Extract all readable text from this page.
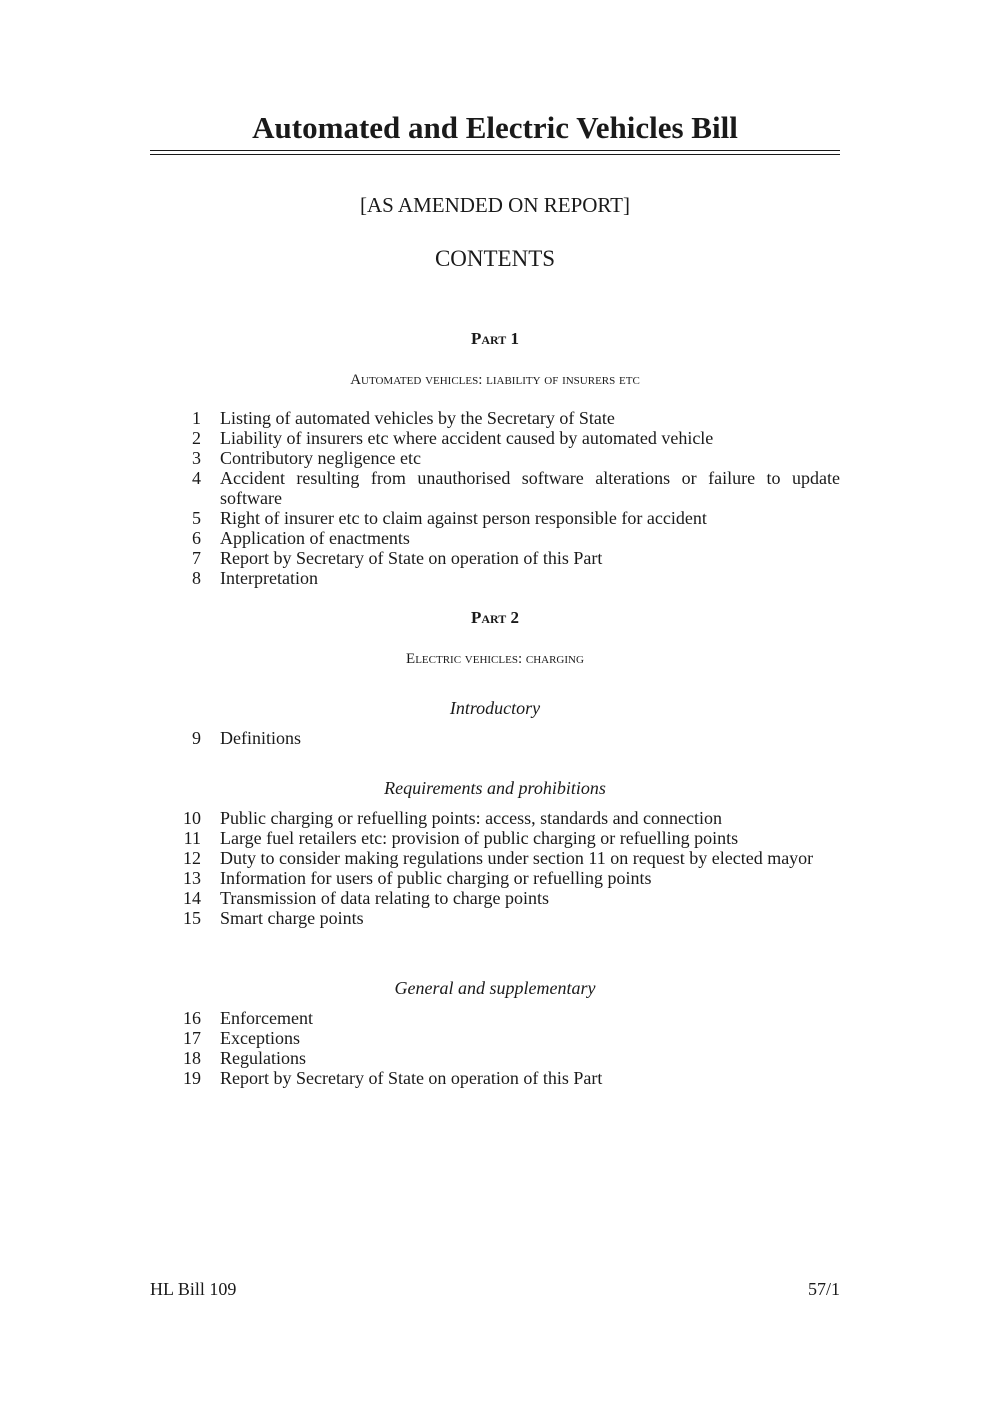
Automated and Electric Vehicles Bill
[AS AMENDED ON REPORT]
CONTENTS
Part 1
Automated vehicles: liability of insurers etc
1 Listing of automated vehicles by the Secretary of State
2 Liability of insurers etc where accident caused by automated vehicle
3 Contributory negligence etc
4 Accident resulting from unauthorised software alterations or failure to update software
5 Right of insurer etc to claim against person responsible for accident
6 Application of enactments
7 Report by Secretary of State on operation of this Part
8 Interpretation
Part 2
Electric vehicles: charging
Introductory
9 Definitions
Requirements and prohibitions
10 Public charging or refuelling points: access, standards and connection
11 Large fuel retailers etc: provision of public charging or refuelling points
12 Duty to consider making regulations under section 11 on request by elected mayor
13 Information for users of public charging or refuelling points
14 Transmission of data relating to charge points
15 Smart charge points
General and supplementary
16 Enforcement
17 Exceptions
18 Regulations
19 Report by Secretary of State on operation of this Part
HL Bill 109	57/1
